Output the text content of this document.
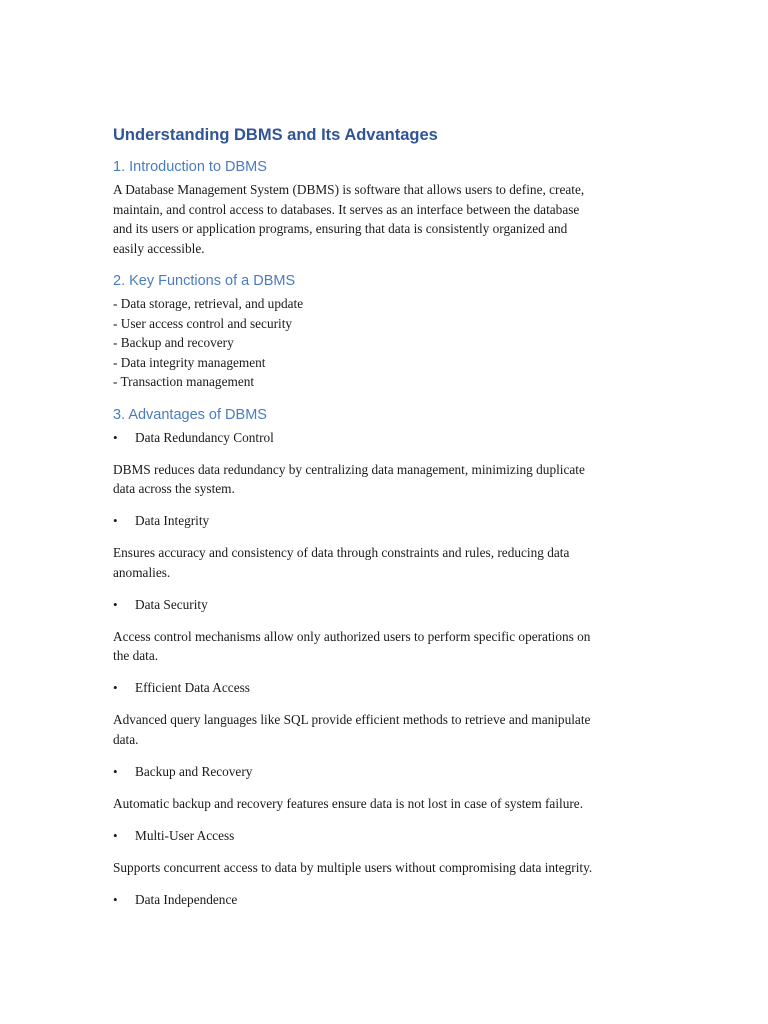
Understanding DBMS and Its Advantages
1. Introduction to DBMS
A Database Management System (DBMS) is software that allows users to define, create,
maintain, and control access to databases. It serves as an interface between the database
and its users or application programs, ensuring that data is consistently organized and
easily accessible.
2. Key Functions of a DBMS
- Data storage, retrieval, and update
- User access control and security
- Backup and recovery
- Data integrity management
- Transaction management
3. Advantages of DBMS
• Data Redundancy Control
DBMS reduces data redundancy by centralizing data management, minimizing duplicate
data across the system.
• Data Integrity
Ensures accuracy and consistency of data through constraints and rules, reducing data
anomalies.
• Data Security
Access control mechanisms allow only authorized users to perform specific operations on
the data.
• Efficient Data Access
Advanced query languages like SQL provide efficient methods to retrieve and manipulate
data.
• Backup and Recovery
Automatic backup and recovery features ensure data is not lost in case of system failure.
• Multi-User Access
Supports concurrent access to data by multiple users without compromising data integrity.
• Data Independence
